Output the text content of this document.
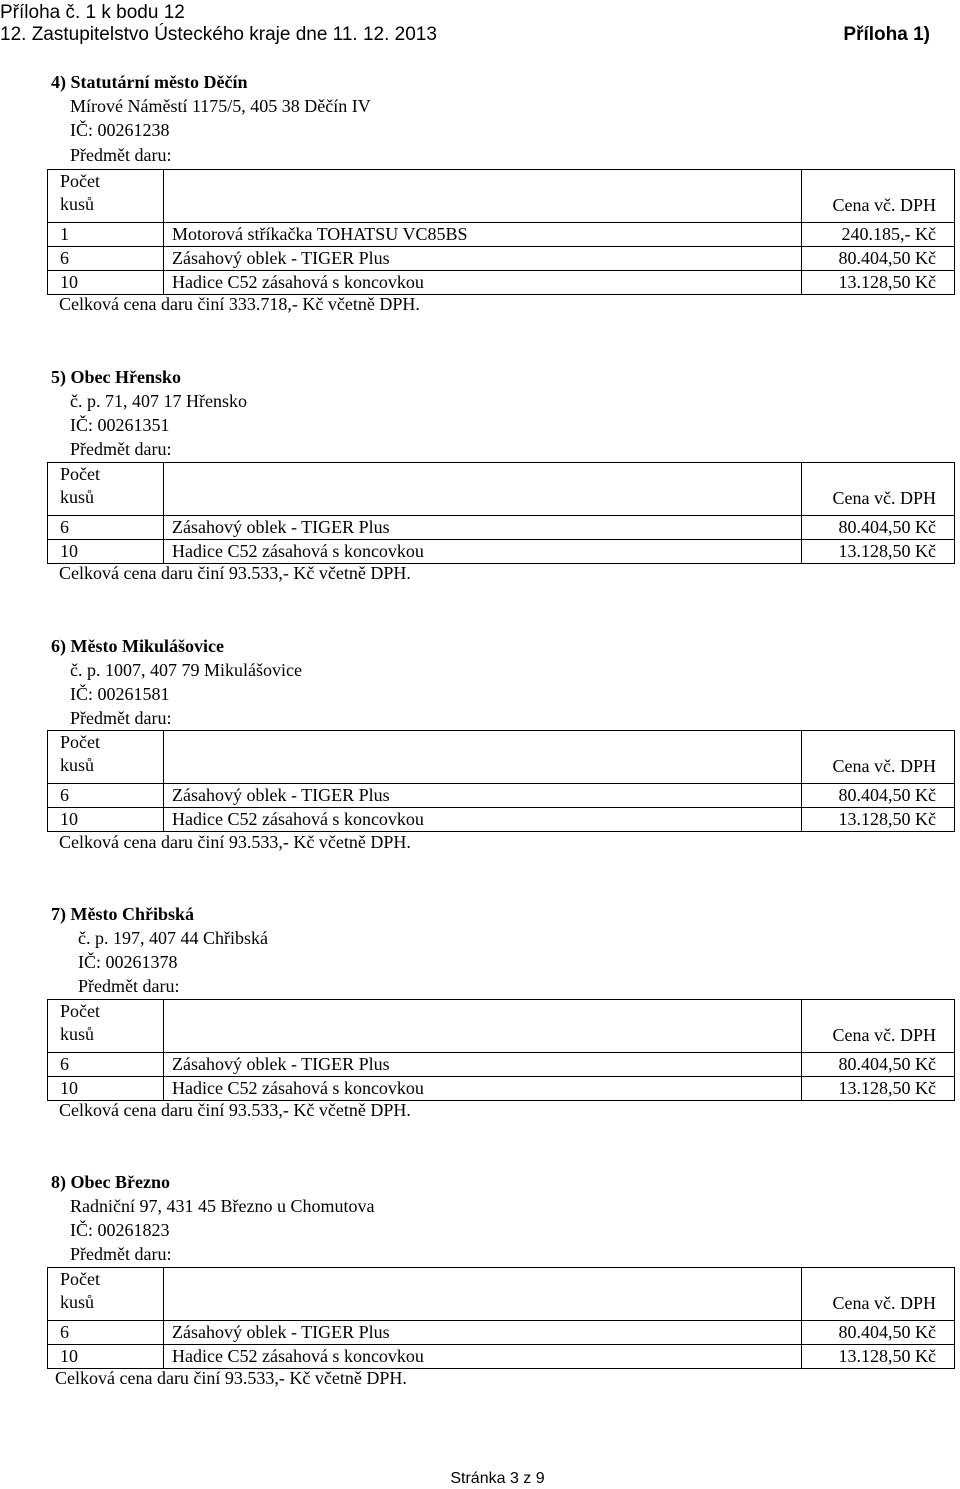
Příloha č. 1 k bodu 12
12. Zastupitelstvo Ústeckého kraje dne 11. 12. 2013	Příloha 1)
4) Statutární město Děčín
Mírové Náměstí 1175/5, 405 38 Děčín IV
IČ: 00261238
Předmět daru:
Počet
kusů		Cena vč. DPH
1	Motorová stříkačka TOHATSU VC85BS	240.185,- Kč
6	Zásahový oblek - TIGER Plus	80.404,50 Kč
10	Hadice C52 zásahová s koncovkou	13.128,50 Kč
Celková cena daru činí 333.718,- Kč včetně DPH.
5) Obec Hřensko
č. p. 71, 407 17 Hřensko
IČ: 00261351
Předmět daru:
Počet
kusů		Cena vč. DPH
6	Zásahový oblek - TIGER Plus	80.404,50 Kč
10	Hadice C52 zásahová s koncovkou	13.128,50 Kč
Celková cena daru činí 93.533,- Kč včetně DPH.
6) Město Mikulášovice
č. p. 1007, 407 79 Mikulášovice
IČ: 00261581
Předmět daru:
Počet
kusů		Cena vč. DPH
6	Zásahový oblek - TIGER Plus	80.404,50 Kč
10	Hadice C52 zásahová s koncovkou	13.128,50 Kč
Celková cena daru činí 93.533,- Kč včetně DPH.
7) Město Chřibská
č. p. 197, 407 44 Chřibská
IČ: 00261378
Předmět daru:
Počet
kusů		Cena vč. DPH
6	Zásahový oblek - TIGER Plus	80.404,50 Kč
10	Hadice C52 zásahová s koncovkou	13.128,50 Kč
Celková cena daru činí 93.533,- Kč včetně DPH.
8) Obec Březno
Radniční 97, 431 45 Březno u Chomutova
IČ: 00261823
Předmět daru:
Počet
kusů		Cena vč. DPH
6	Zásahový oblek - TIGER Plus	80.404,50 Kč
10	Hadice C52 zásahová s koncovkou	13.128,50 Kč
Celková cena daru činí 93.533,- Kč včetně DPH.
Stránka 3 z 9
